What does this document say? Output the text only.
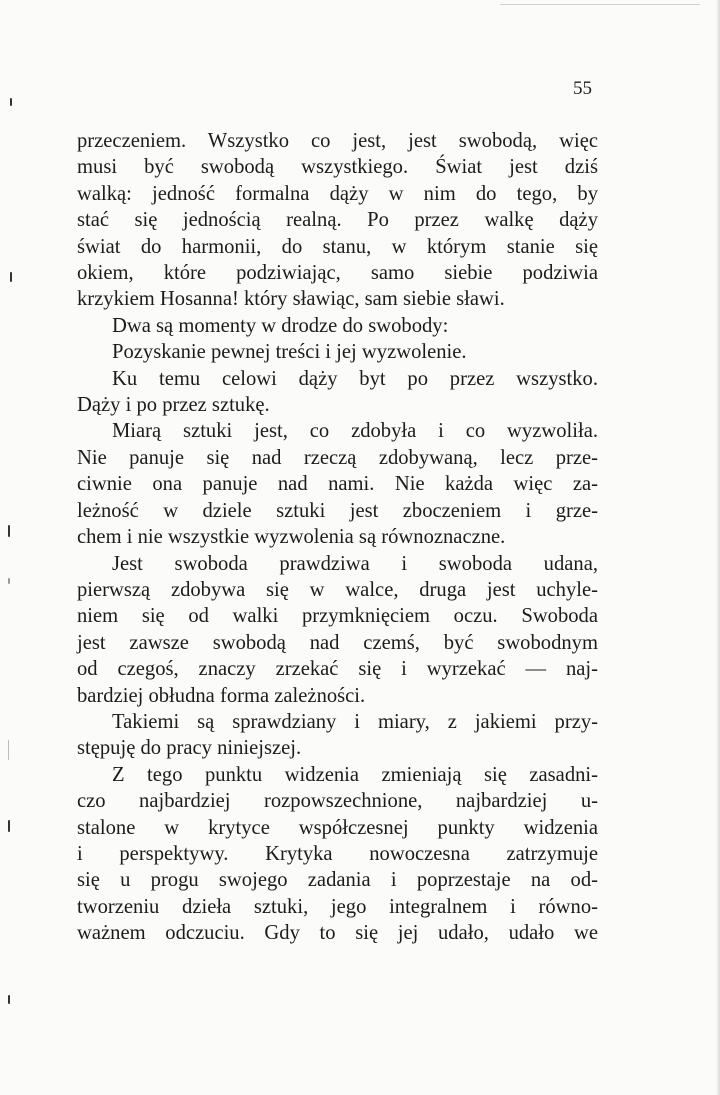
55
przeczeniem. Wszystko co jest, jest swobodą, więc
musi być swobodą wszystkiego. Świat jest dziś
walką: jedność formalna dąży w nim do tego, by
stać się jednością realną. Po przez walkę dąży
świat do harmonii, do stanu, w którym stanie się
okiem, które podziwiając, samo siebie podziwia
krzykiem Hosanna! który sławiąc, sam siebie sławi.
Dwa są momenty w drodze do swobody:
Pozyskanie pewnej treści i jej wyzwolenie.
Ku temu celowi dąży byt po przez wszystko.
Dąży i po przez sztukę.
Miarą sztuki jest, co zdobyła i co wyzwoliła.
Nie panuje się nad rzeczą zdobywaną, lecz prze-
ciwnie ona panuje nad nami. Nie każda więc za-
leżność w dziele sztuki jest zboczeniem i grze-
chem i nie wszystkie wyzwolenia są równoznaczne.
Jest swoboda prawdziwa i swoboda udana,
pierwszą zdobywa się w walce, druga jest uchyle-
niem się od walki przymknięciem oczu. Swoboda
jest zawsze swobodą nad czemś, być swobodnym
od czegoś, znaczy zrzekać się i wyrzekać — naj-
bardziej obłudna forma zależności.
Takiemi są sprawdziany i miary, z jakiemi przy-
stępuję do pracy niniejszej.
Z tego punktu widzenia zmieniają się zasadni-
czo najbardziej rozpowszechnione, najbardziej u-
stalone w krytyce współczesnej punkty widzenia
i perspektywy. Krytyka nowoczesna zatrzymuje
się u progu swojego zadania i poprzestaje na od-
tworzeniu dzieła sztuki, jego integralnem i równo-
ważnem odczuciu. Gdy to się jej udało, udało we
